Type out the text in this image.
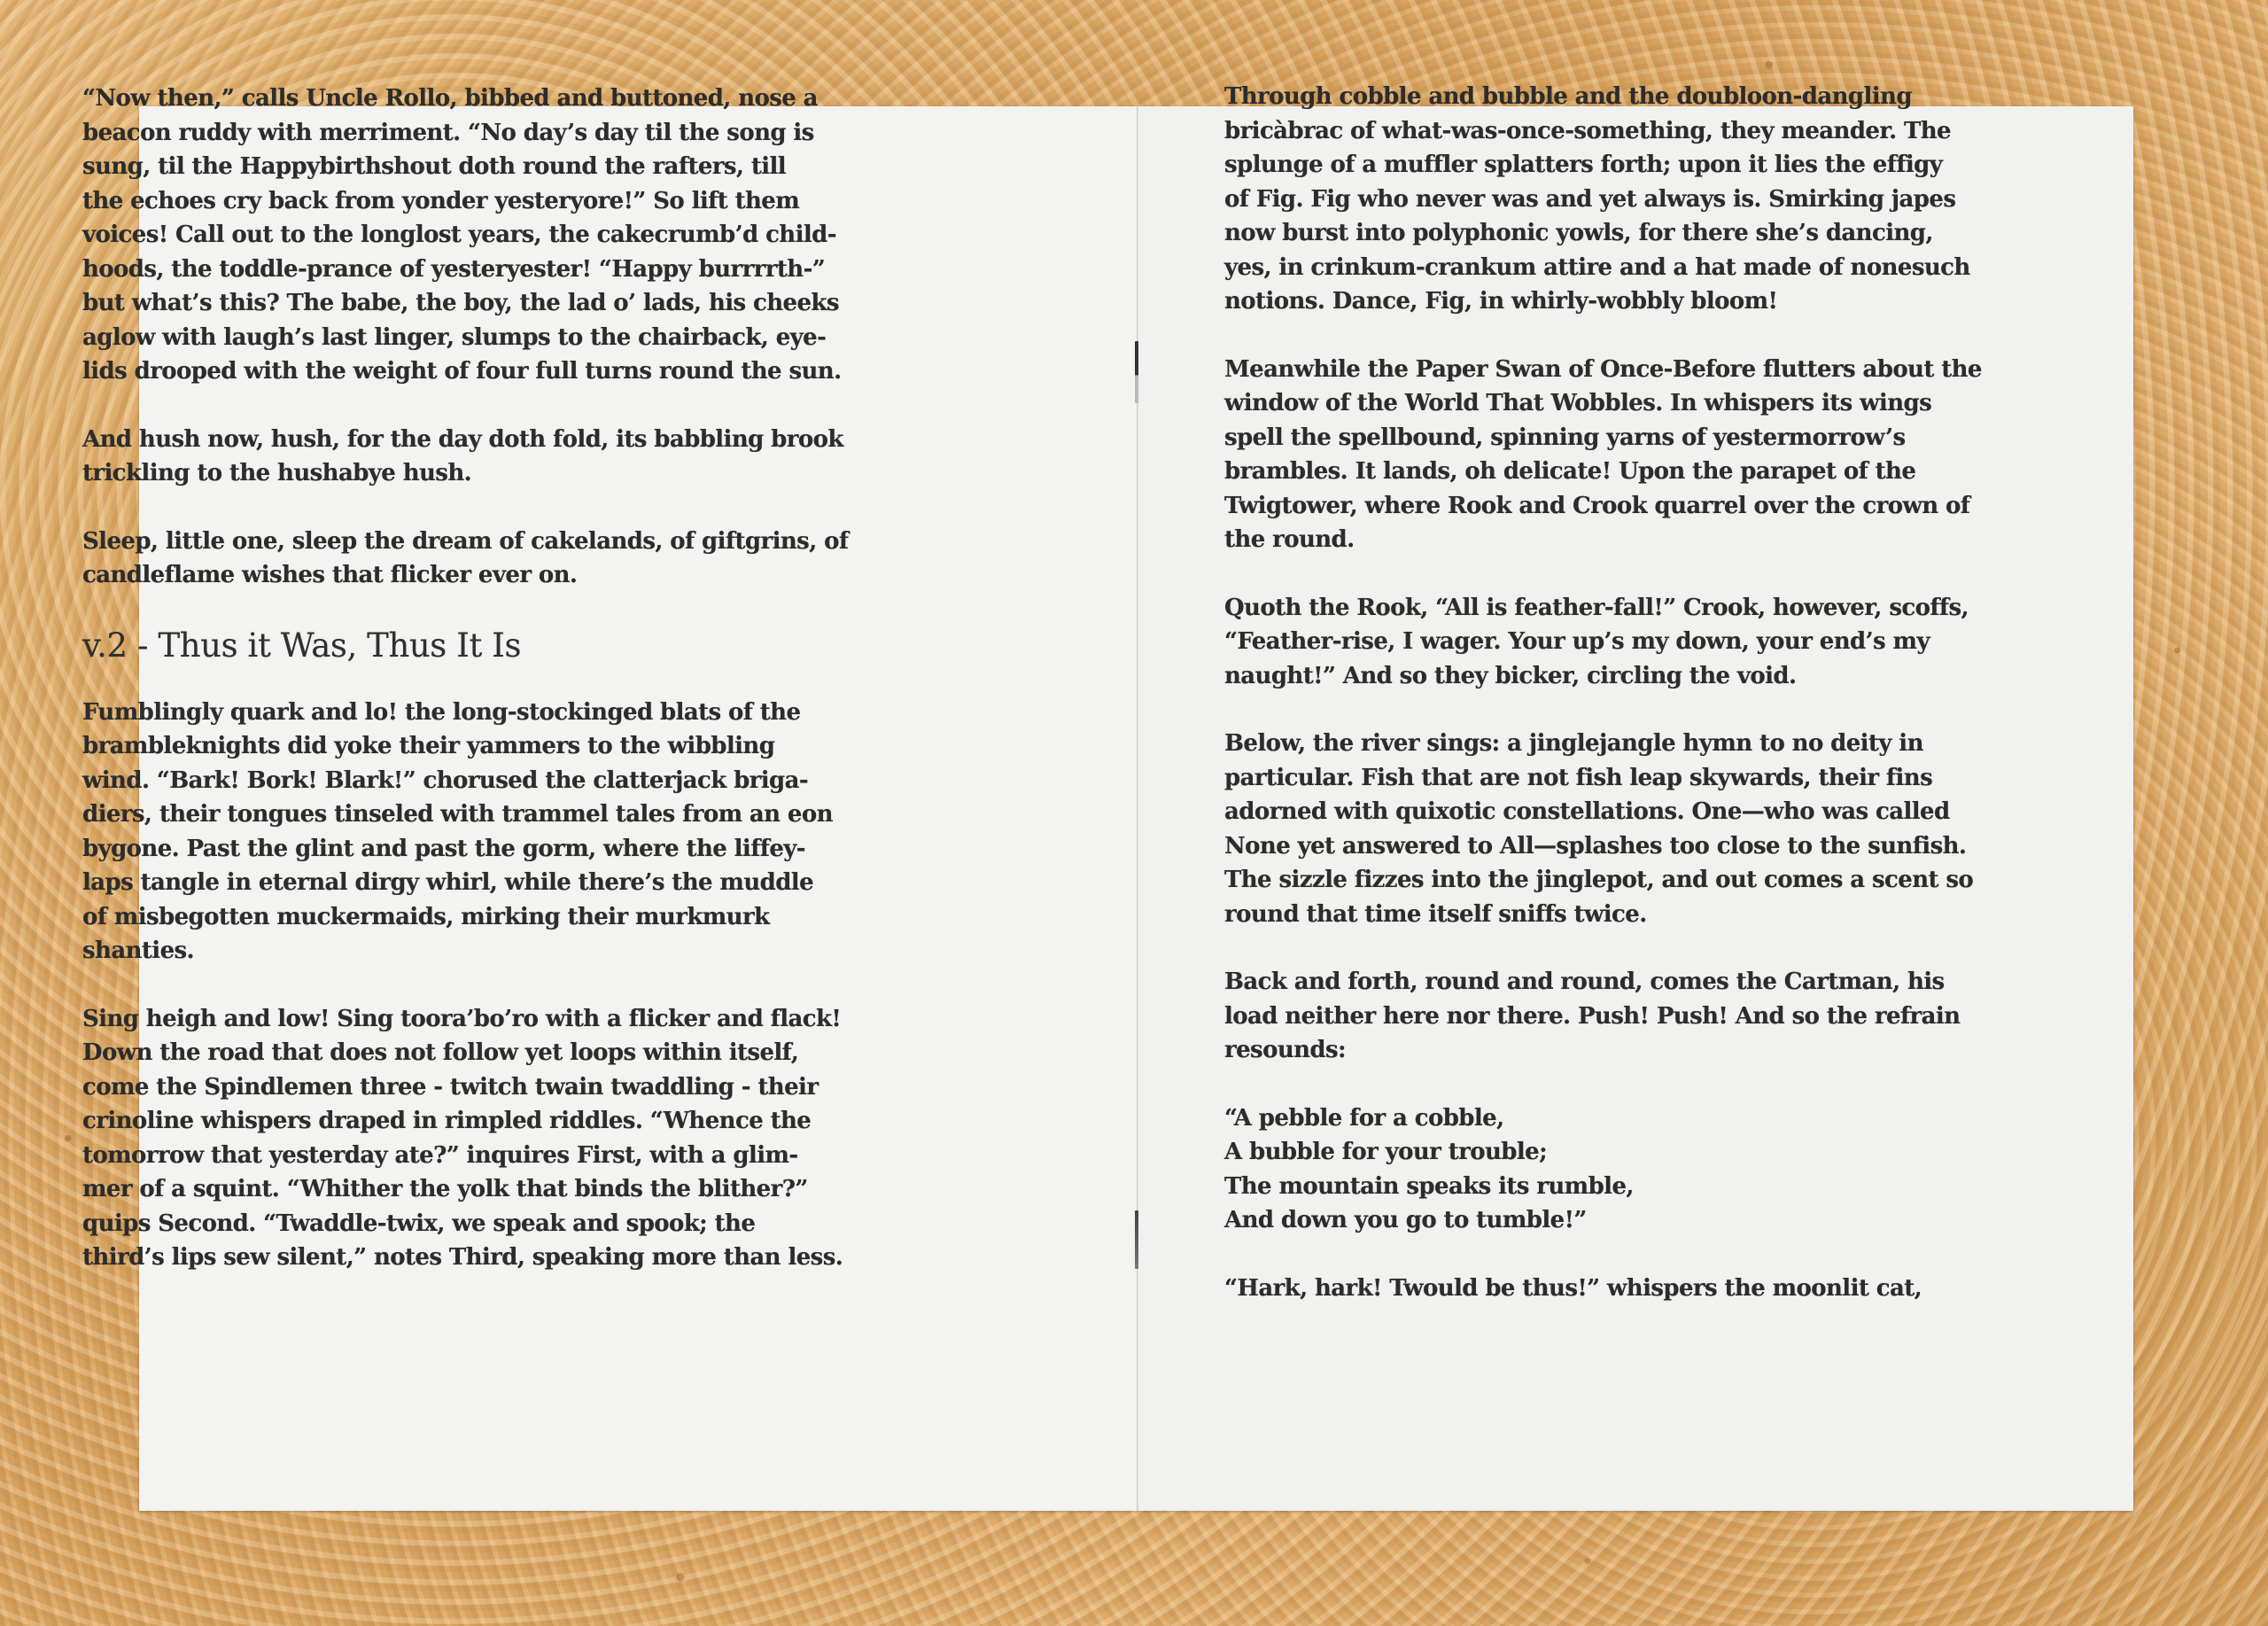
“Now then,” calls Uncle Rollo, bibbed and buttoned, nose a
beacon ruddy with merriment. “No day’s day til the song is
sung, til the Happybirthshout doth round the rafters, till
the echoes cry back from yonder yesteryore!” So lift them
voices! Call out to the longlost years, the cakecrumb’d child-
hoods, the toddle-prance of yesteryester! “Happy burrrrth-”
but what’s this? The babe, the boy, the lad o’ lads, his cheeks
aglow with laugh’s last linger, slumps to the chairback, eye-
lids drooped with the weight of four full turns round the sun.
And hush now, hush, for the day doth fold, its babbling brook
trickling to the hushabye hush.
Sleep, little one, sleep the dream of cakelands, of giftgrins, of
candleflame wishes that flicker ever on.
v.2 - Thus it Was, Thus It Is
Fumblingly quark and lo! the long-stockinged blats of the
brambleknights did yoke their yammers to the wibbling
wind. “Bark! Bork! Blark!” chorused the clatterjack briga-
diers, their tongues tinseled with trammel tales from an eon
bygone. Past the glint and past the gorm, where the liffey-
laps tangle in eternal dirgy whirl, while there’s the muddle
of misbegotten muckermaids, mirking their murkmurk
shanties.
Sing heigh and low! Sing toora’bo’ro with a flicker and flack!
Down the road that does not follow yet loops within itself,
come the Spindlemen three - twitch twain twaddling - their
crinoline whispers draped in rimpled riddles. “Whence the
tomorrow that yesterday ate?” inquires First, with a glim-
mer of a squint. “Whither the yolk that binds the blither?”
quips Second. “Twaddle-twix, we speak and spook; the
third’s lips sew silent,” notes Third, speaking more than less.
Through cobble and bubble and the doubloon-dangling
bricàbrac of what-was-once-something, they meander. The
splunge of a muffler splatters forth; upon it lies the effigy
of Fig. Fig who never was and yet always is. Smirking japes
now burst into polyphonic yowls, for there she’s dancing,
yes, in crinkum-crankum attire and a hat made of nonesuch
notions. Dance, Fig, in whirly-wobbly bloom!
Meanwhile the Paper Swan of Once-Before flutters about the
window of the World That Wobbles. In whispers its wings
spell the spellbound, spinning yarns of yestermorrow’s
brambles. It lands, oh delicate! Upon the parapet of the
Twigtower, where Rook and Crook quarrel over the crown of
the round.
Quoth the Rook, “All is feather-fall!” Crook, however, scoffs,
“Feather-rise, I wager. Your up’s my down, your end’s my
naught!” And so they bicker, circling the void.
Below, the river sings: a jinglejangle hymn to no deity in
particular. Fish that are not fish leap skywards, their fins
adorned with quixotic constellations. One—who was called
None yet answered to All—splashes too close to the sunfish.
The sizzle fizzes into the jinglepot, and out comes a scent so
round that time itself sniffs twice.
Back and forth, round and round, comes the Cartman, his
load neither here nor there. Push! Push! And so the refrain
resounds:
“A pebble for a cobble,
A bubble for your trouble;
The mountain speaks its rumble,
And down you go to tumble!”
“Hark, hark! Twould be thus!” whispers the moonlit cat,
